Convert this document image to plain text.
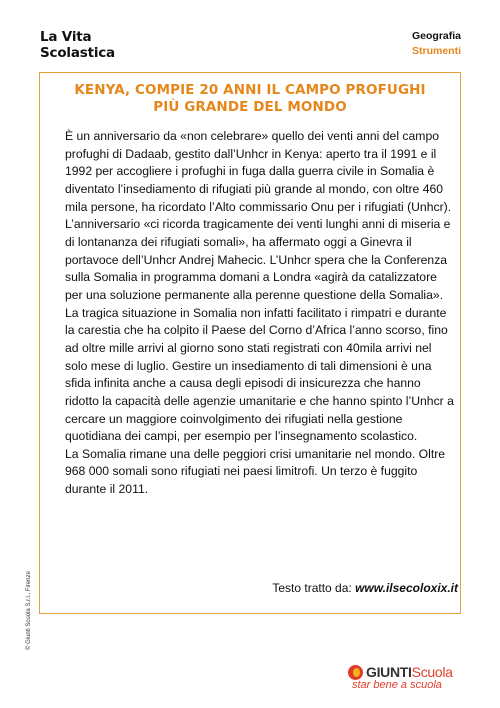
La Vita
Scolastica
Geografia
Strumenti
KENYA, COMPIE 20 ANNI IL CAMPO PROFUGHI
PIÙ GRANDE DEL MONDO

È un anniversario da «non celebrare» quello dei venti anni del campo profughi di Dadaab, gestito dall’Unhcr in Kenya: aperto tra il 1991 e il 1992 per accogliere i profughi in fuga dalla guerra civile in Somalia è diventato l’insediamento di rifugiati più grande al mondo, con oltre 460 mila persone, ha ricordato l’Alto commissario Onu per i rifugiati (Unhcr).

L’anniversario «ci ricorda tragicamente dei venti lunghi anni di miseria e di lontananza dei rifugiati somali», ha affermato oggi a Ginevra il portavoce dell’Unhcr Andrej Mahecic. L’Unhcr spera che la Conferenza sulla Somalia in programma domani a Londra «agirà da catalizzatore per una soluzione permanente alla perenne questione della Somalia».

La tragica situazione in Somalia non infatti facilitato i rimpatri e durante la carestia che ha colpito il Paese del Corno d’Africa l’anno scorso, fino ad oltre mille arrivi al giorno sono stati registrati con 40mila arrivi nel solo mese di luglio. Gestire un insediamento di tali dimensioni è una sfida infinita anche a causa degli episodi di insicurezza che hanno ridotto la capacità delle agenzie umanitarie e che hanno spinto l’Unhcr a cercare un maggiore coinvolgimento dei rifugiati nella gestione quotidiana dei campi, per esempio per l’insegnamento scolastico.

La Somalia rimane una delle peggiori crisi umanitarie nel mondo. Oltre 968 000 somali sono rifugiati nei paesi limitrofi. Un terzo è fuggito durante il 2011.

Testo tratto da: www.ilsecoloxix.it
© Giunti Scuola S.r.l., Firenze
GIUNTIScuola
star bene a scuola
